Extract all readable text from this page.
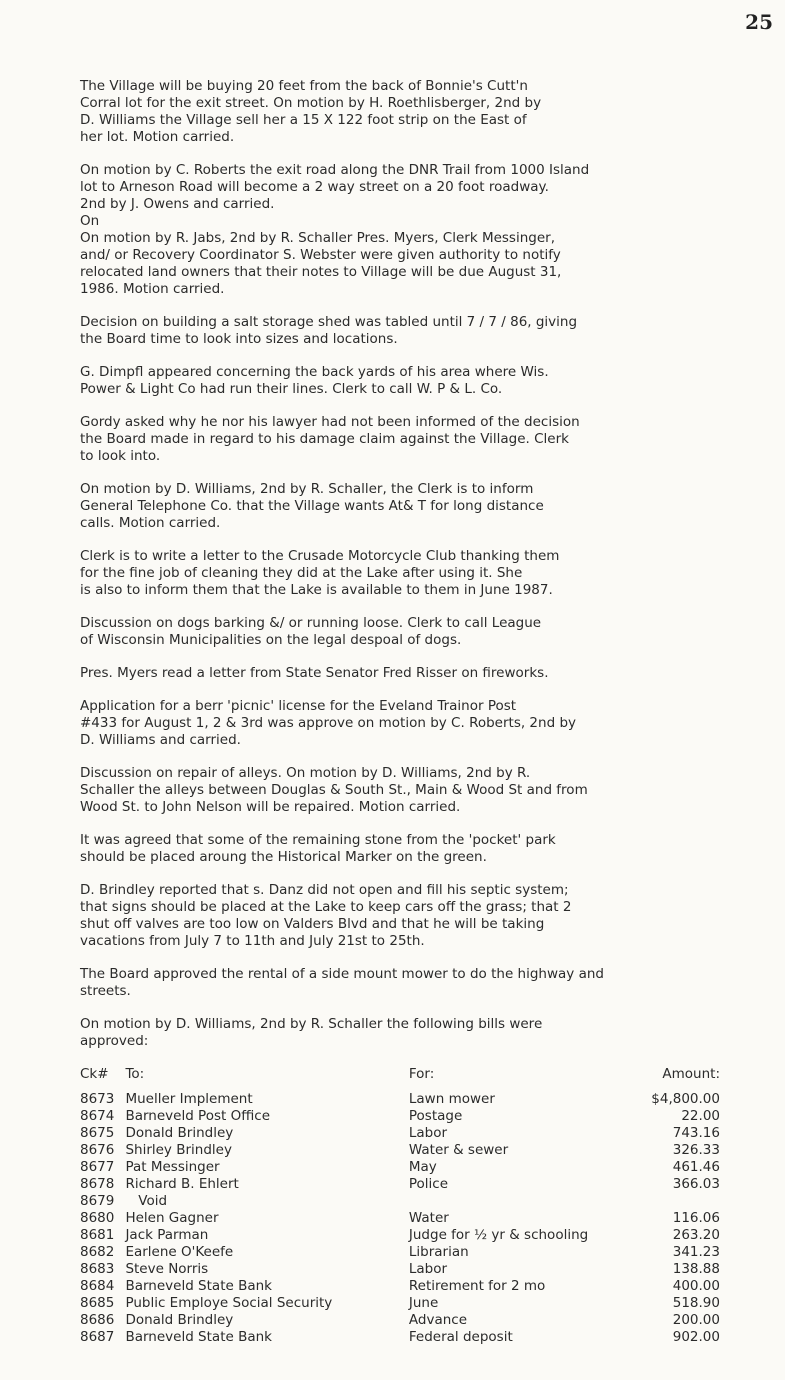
25

The Village will be buying 20 feet from the back of Bonnie's Cutt'n
Corral lot for the exit street. On motion by H. Roethlisberger, 2nd by
D. Williams the Village sell her a 15 X 122 foot strip on the East of
her lot. Motion carried.

On motion by C. Roberts the exit road along the DNR Trail from 1000 Island
lot to Arneson Road will become a 2 way street on a 20 foot roadway.
2nd by J. Owens and carried.
On
On motion by R. Jabs, 2nd by R. Schaller Pres. Myers, Clerk Messinger,
and/ or Recovery Coordinator S. Webster were given authority to notify
relocated land owners that their notes to Village will be due August 31,
1986. Motion carried.

Decision on building a salt storage shed was tabled until 7 / 7 / 86, giving
the Board time to look into sizes and locations.

G. Dimpfl appeared concerning the back yards of his area where Wis.
Power & Light Co had run their lines. Clerk to call W. P & L. Co.

Gordy asked why he nor his lawyer had not been informed of the decision
the Board made in regard to his damage claim against the Village. Clerk
to look into.

On motion by D. Williams, 2nd by R. Schaller, the Clerk is to inform
General Telephone Co. that the Village wants At& T for long distance
calls. Motion carried.

Clerk is to write a letter to the Crusade Motorcycle Club thanking them
for the fine job of cleaning they did at the Lake after using it. She
is also to inform them that the Lake is available to them in June 1987.

Discussion on dogs barking &/ or running loose. Clerk to call League
of Wisconsin Municipalities on the legal despoal of dogs.

Pres. Myers read a letter from State Senator Fred Risser on fireworks.

Application for a berr 'picnic' license for the Eveland Trainor Post
#433 for August 1, 2 & 3rd was approve on motion by C. Roberts, 2nd by
D. Williams and carried.

Discussion on repair of alleys. On motion by D. Williams, 2nd by R.
Schaller the alleys between Douglas & South St., Main & Wood St and from
Wood St. to John Nelson will be repaired. Motion carried.

It was agreed that some of the remaining stone from the 'pocket' park
should be placed aroung the Historical Marker on the green.

D. Brindley reported that s. Danz did not open and fill his septic system;
that signs should be placed at the Lake to keep cars off the grass; that 2
shut off valves are too low on Valders Blvd and that he will be taking
vacations from July 7 to 11th and July 21st to 25th.

The Board approved the rental of a side mount mower to do the highway and
streets.

On motion by D. Williams, 2nd by R. Schaller the following bills were
approved:

Ck#	To:	For:	Amount:
8673 Mueller Implement	Lawn mower	$4,800.00
8674 Barneveld Post Office	Postage	22.00
8675 Donald Brindley	Labor	743.16
8676 Shirley Brindley	Water & sewer	326.33
8677 Pat Messinger	May	461.46
8678 Richard B. Ehlert	Police	366.03
8679 Void
8680 Helen Gagner	Water	116.06
8681 Jack Parman	Judge for ½ yr & schooling	263.20
8682 Earlene O'Keefe	Librarian	341.23
8683 Steve Norris	Labor	138.88
8684 Barneveld State Bank	Retirement for 2 mo	400.00
8685 Public Employe Social Security	June	518.90
8686 Donald Brindley	Advance	200.00
8687 Barneveld State Bank	Federal deposit	902.00
